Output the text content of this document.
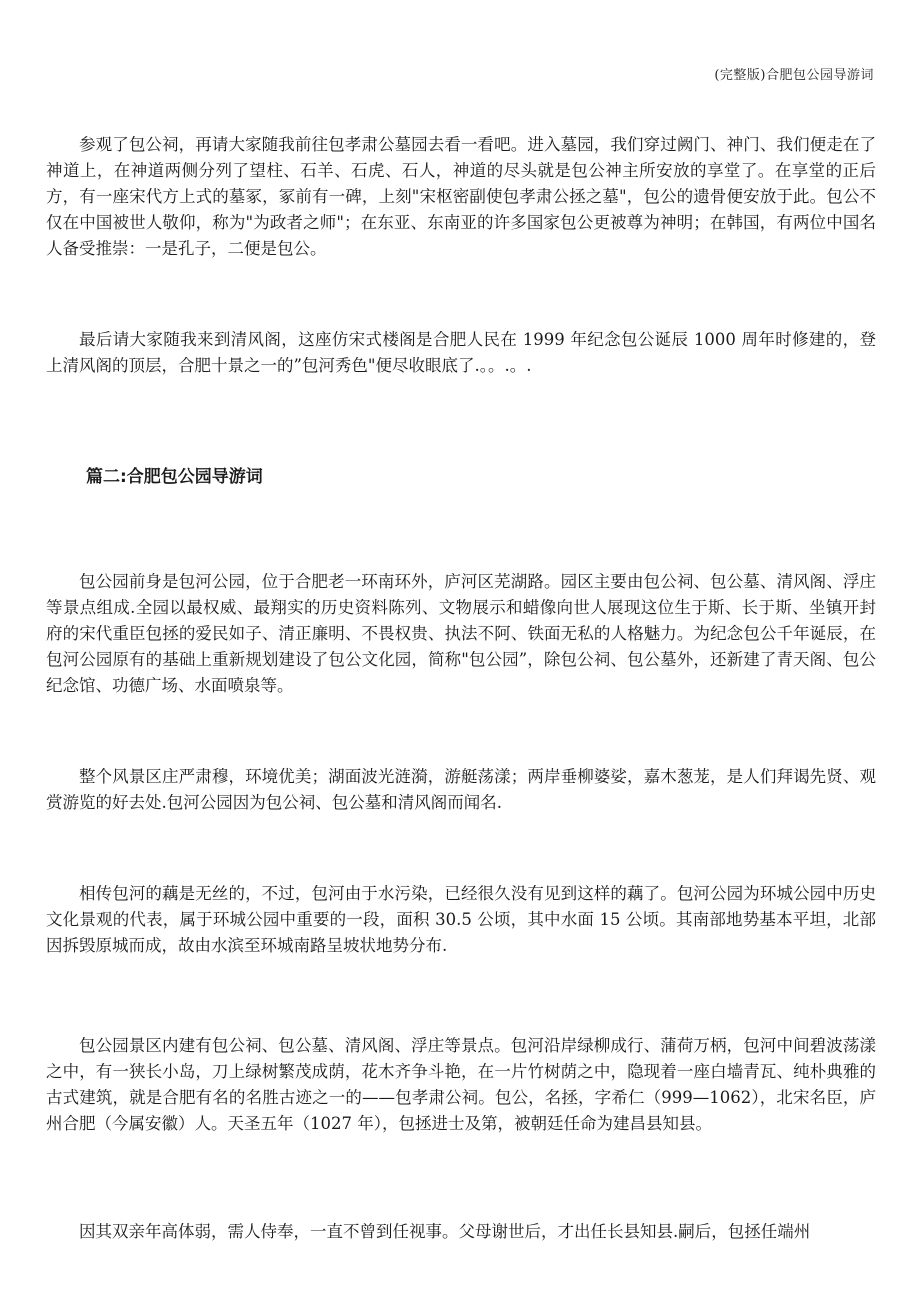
(完整版)合肥包公园导游词

参观了包公祠，再请大家随我前往包孝肃公墓园去看一看吧。进入墓园，我们穿过阙门、神门、我们便走在了神道上，在神道两侧分列了望柱、石羊、石虎、石人，神道的尽头就是包公神主所安放的享堂了。在享堂的正后方，有一座宋代方上式的墓冢，冢前有一碑，上刻"宋枢密副使包孝肃公拯之墓"，包公的遗骨便安放于此。包公不仅在中国被世人敬仰，称为"为政者之师"；在东亚、东南亚的许多国家包公更被尊为神明；在韩国，有两位中国名人备受推崇：一是孔子，二便是包公。

最后请大家随我来到清风阁，这座仿宋式楼阁是合肥人民在 1999 年纪念包公诞辰 1000 周年时修建的，登上清风阁的顶层，合肥十景之一的”包河秀色"便尽收眼底了.。。.。.

篇二:合肥包公园导游词

包公园前身是包河公园，位于合肥老一环南环外，庐河区芜湖路。园区主要由包公祠、包公墓、清风阁、浮庄等景点组成.全园以最权威、最翔实的历史资料陈列、文物展示和蜡像向世人展现这位生于斯、长于斯、坐镇开封府的宋代重臣包拯的爱民如子、清正廉明、不畏权贵、执法不阿、铁面无私的人格魅力。为纪念包公千年诞辰，在包河公园原有的基础上重新规划建设了包公文化园，简称"包公园”，除包公祠、包公墓外，还新建了青天阁、包公纪念馆、功德广场、水面喷泉等。

整个风景区庄严肃穆，环境优美；湖面波光涟漪，游艇荡漾；两岸垂柳婆娑，嘉木葱茏，是人们拜谒先贤、观赏游览的好去处.包河公园因为包公祠、包公墓和清风阁而闻名.

相传包河的藕是无丝的，不过，包河由于水污染，已经很久没有见到这样的藕了。包河公园为环城公园中历史文化景观的代表，属于环城公园中重要的一段，面积 30.5 公顷，其中水面 15 公顷。其南部地势基本平坦，北部因拆毁原城而成，故由水滨至环城南路呈坡状地势分布.

包公园景区内建有包公祠、包公墓、清风阁、浮庄等景点。包河沿岸绿柳成行、蒲荷万柄，包河中间碧波荡漾之中，有一狭长小岛，刀上绿树繁茂成荫，花木齐争斗艳，在一片竹树荫之中，隐现着一座白墙青瓦、纯朴典雅的古式建筑，就是合肥有名的名胜古迹之一的——包孝肃公祠。包公，名拯，字希仁（999—1062），北宋名臣，庐州合肥（今属安徽）人。天圣五年（1027 年），包拯进士及第，被朝廷任命为建昌县知县。

因其双亲年高体弱，需人侍奉，一直不曾到任视事。父母谢世后，才出任长县知县.嗣后，包拯任端州
